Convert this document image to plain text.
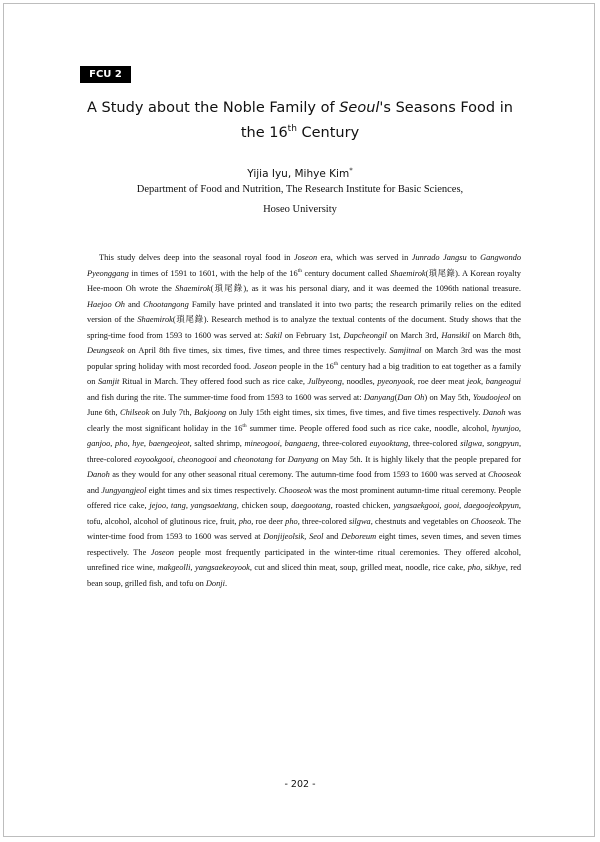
FCU 2
A Study about the Noble Family of Seoul's Seasons Food in
the 16th Century
Yijia Iyu, Mihye Kim*
Department of Food and Nutrition, The Research Institute for Basic Sciences,
Hoseo University

This study delves deep into the seasonal royal food in Joseon era, which was served in Junrado Jangsu to Gangwondo Pyeonggang in times of 1591 to 1601, with the help of the 16th century document called Shaemirok(瑣尾錄). A Korean royalty Hee-moon Oh wrote the Shaemirok(瑣尾錄), as it was his personal diary, and it was deemed the 1096th national treasure. Haejoo Oh and Chootangong Family have printed and translated it into two parts; the research primarily relies on the edited version of the Shaemirok(瑣尾錄). Research method is to analyze the textual contents of the document. Study shows that the spring-time food from 1593 to 1600 was served at: Sakil on February 1st, Dapcheongil on March 3rd, Hansikil on March 8th, Deungseok on April 8th five times, six times, five times, and three times respectively. Samjitnal on March 3rd was the most popular spring holiday with most recorded food. Joseon people in the 16th century had a big tradition to eat together as a family on Samjit Ritual in March. They offered food such as rice cake, Julbyeong, noodles, pyeonyook, roe deer meat jeok, bangeogui and fish during the rite. The summer-time food from 1593 to 1600 was served at: Danyang(Dan Oh) on May 5th, Youdoojeol on June 6th, Chilseok on July 7th, Bakjoong on July 15th eight times, six times, five times, and five times respectively. Danoh was clearly the most significant holiday in the 16th summer time. People offered food such as rice cake, noodle, alcohol, hyunjoo, ganjoo, pho, hye, baengeojeot, salted shrimp, mineogooi, bangaeng, three-colored euyooktang, three-colored silgwa, songpyun, three-colored eoyookgooi, cheonogooi and cheonotang for Danyang on May 5th. It is highly likely that the people prepared for Danoh as they would for any other seasonal ritual ceremony. The autumn-time food from 1593 to 1600 was served at Chooseok and Jungyangjeol eight times and six times respectively. Chooseok was the most prominent autumn-time ritual ceremony. People offered rice cake, jejoo, tang, yangsaektang, chicken soup, daegootang, roasted chicken, yangsaekgooi, gooi, daegoojeokpyun, tofu, alcohol, alcohol of glutinous rice, fruit, pho, roe deer pho, three-colored silgwa, chestnuts and vegetables on Chooseok. The winter-time food from 1593 to 1600 was served at Donjijeolsik, Seol and Deboreum eight times, seven times, and seven times respectively. The Joseon people most frequently participated in the winter-time ritual ceremonies. They offered alcohol, unrefined rice wine, makgeolli, yangsaekeoyook, cut and sliced thin meat, soup, grilled meat, noodle, rice cake, pho, sikhye, red bean soup, grilled fish, and tofu on Donji.

- 202 -
